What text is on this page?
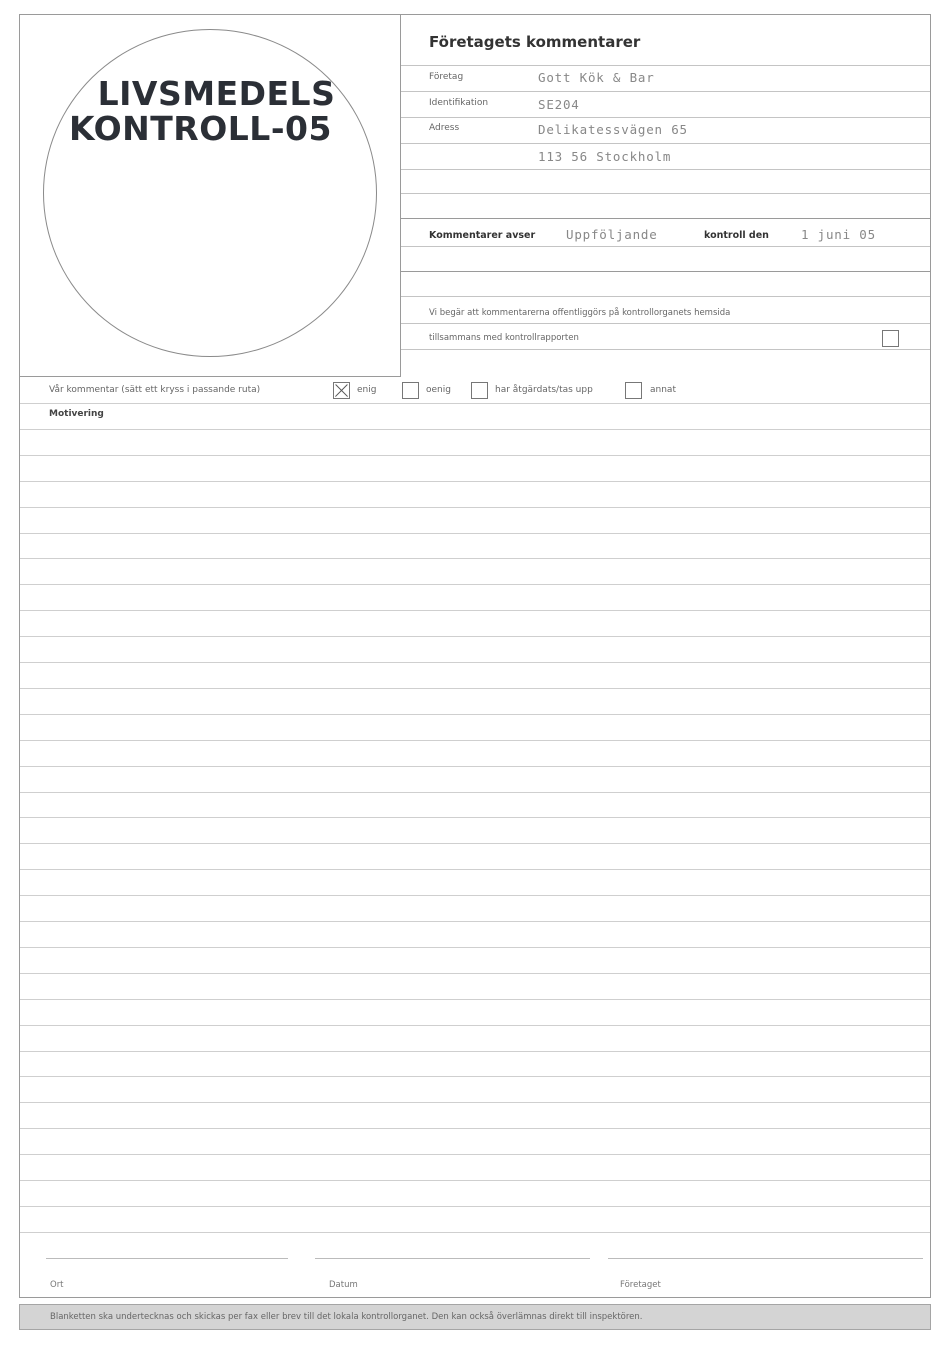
LIVSMEDELS
KONTROLL-05
Företagets kommentarer
Företag	Gott Kök & Bar
Identifikation	SE204
Adress	Delikatessvägen 65
113 56 Stockholm
Kommentarer avser Uppföljande	kontroll den	1 juni 05
Vi begär att kommentarerna offentliggörs på kontrollorganets hemsida
tillsammans med kontrollrapporten
Vår kommentar (sätt ett kryss i passande ruta)	enig	oenig	har åtgärdats/tas upp	annat
Motivering
Ort	Datum	Företaget
Blanketten ska undertecknas och skickas per fax eller brev till det lokala kontrollorganet. Den kan också överlämnas direkt till inspektören.
